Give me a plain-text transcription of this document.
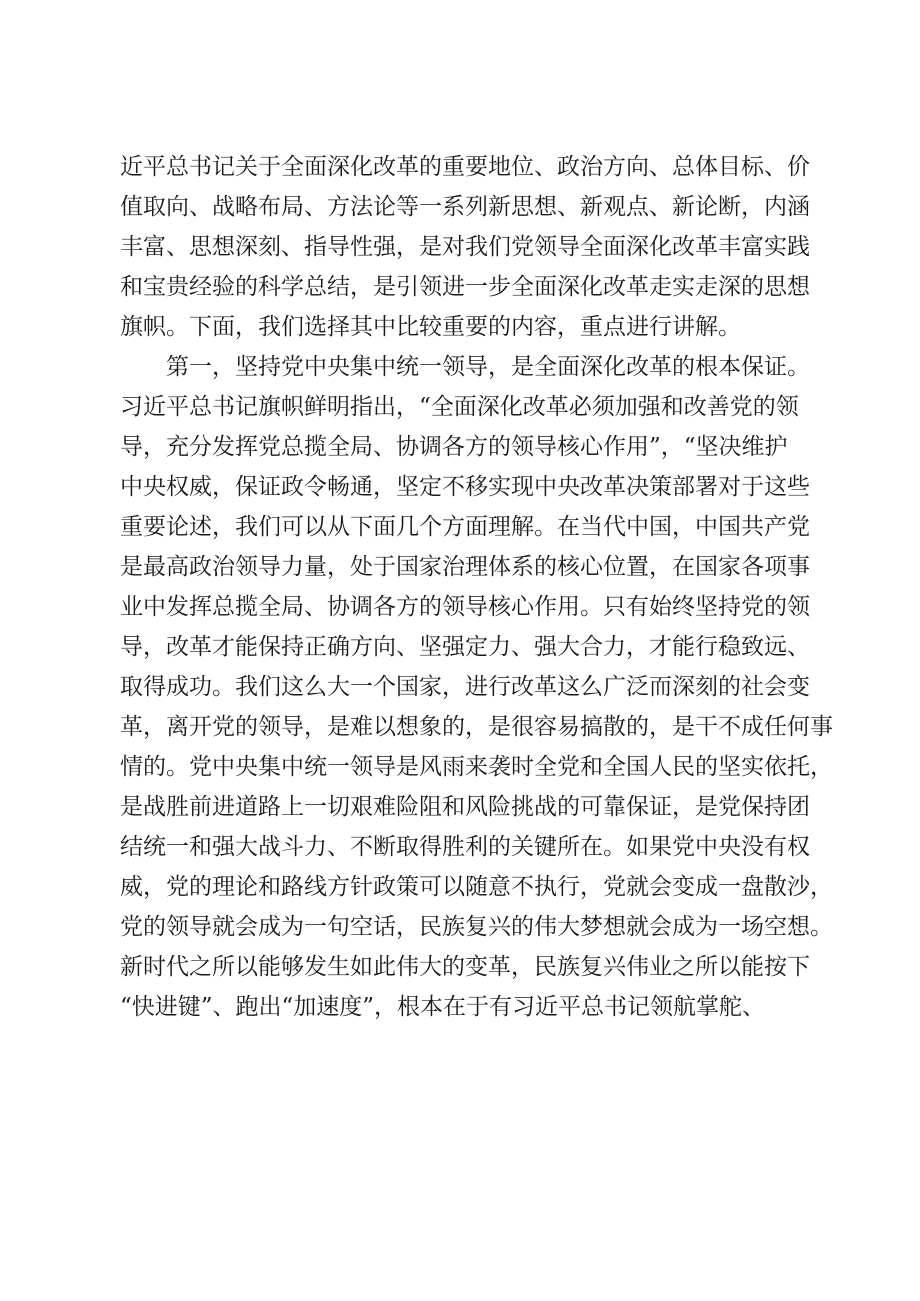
近平总书记关于全面深化改革的重要地位、政治方向、总体目标、价
值取向、战略布局、方法论等一系列新思想、新观点、新论断，内涵
丰富、思想深刻、指导性强，是对我们党领导全面深化改革丰富实践
和宝贵经验的科学总结，是引领进一步全面深化改革走实走深的思想
旗帜。下面，我们选择其中比较重要的内容，重点进行讲解。
　　第一，坚持党中央集中统一领导，是全面深化改革的根本保证。
习近平总书记旗帜鲜明指出，“全面深化改革必须加强和改善党的领
导，充分发挥党总揽全局、协调各方的领导核心作用”，“坚决维护
中央权威，保证政令畅通，坚定不移实现中央改革决策部署对于这些
重要论述，我们可以从下面几个方面理解。在当代中国，中国共产党
是最高政治领导力量，处于国家治理体系的核心位置，在国家各项事
业中发挥总揽全局、协调各方的领导核心作用。只有始终坚持党的领
导，改革才能保持正确方向、坚强定力、强大合力，才能行稳致远、
取得成功。我们这么大一个国家，进行改革这么广泛而深刻的社会变
革，离开党的领导，是难以想象的，是很容易搞散的，是干不成任何事
情的。党中央集中统一领导是风雨来袭时全党和全国人民的坚实依托，
是战胜前进道路上一切艰难险阻和风险挑战的可靠保证，是党保持团
结统一和强大战斗力、不断取得胜利的关键所在。如果党中央没有权
威，党的理论和路线方针政策可以随意不执行，党就会变成一盘散沙，
党的领导就会成为一句空话，民族复兴的伟大梦想就会成为一场空想。
新时代之所以能够发生如此伟大的变革，民族复兴伟业之所以能按下
“快进键”、跑出“加速度”，根本在于有习近平总书记领航掌舵、
